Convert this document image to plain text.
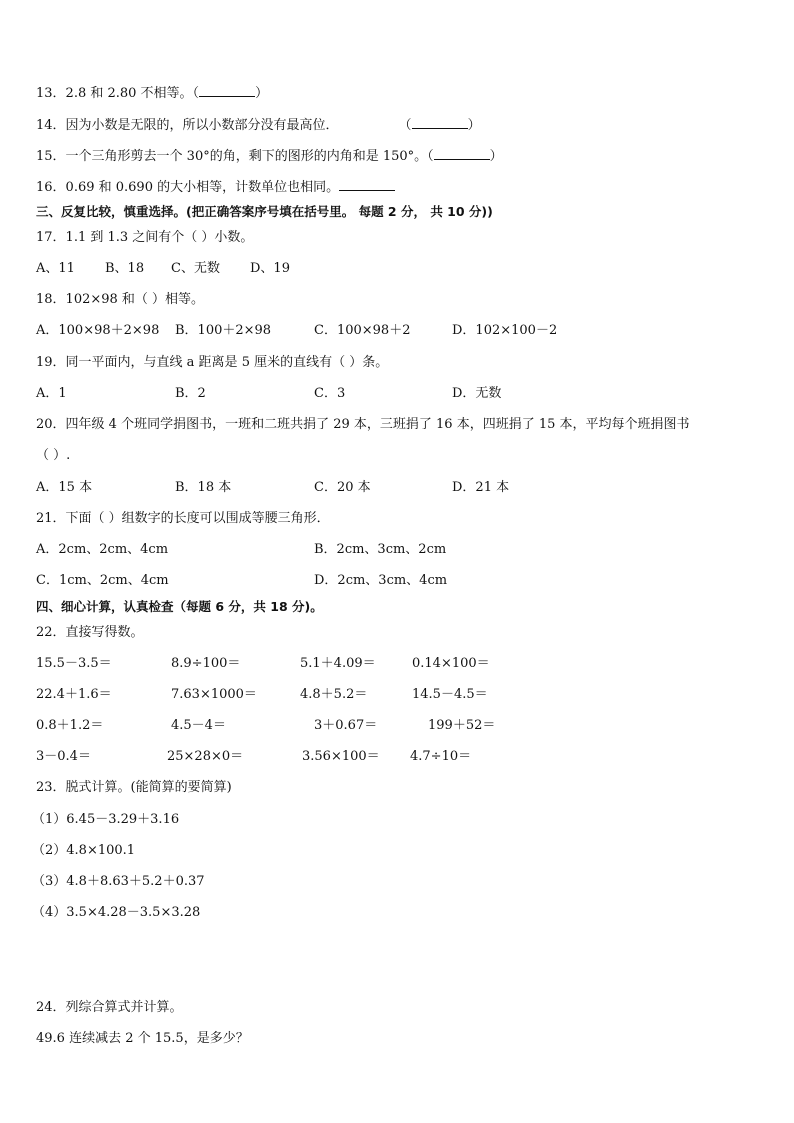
13．2.8 和 2.80 不相等。（	）
14．因为小数是无限的，所以小数部分没有最高位．	（	）
15．一个三角形剪去一个 30°的角，剩下的图形的内角和是 150°。（	）
16．0.69 和 0.690 的大小相等，计数单位也相同。
三、反复比较，慎重选择。(把正确答案序号填在括号里。 每题 2 分， 共 10 分))
17．1.1 到 1.3 之间有个（ ）小数。
A、11 B、18 C、无数 D、19
18．102×98 和（ ）相等。
A．100×98＋2×98 B．100＋2×98	C．100×98＋2	D．102×100－2
19．同一平面内，与直线 a 距离是 5 厘米的直线有（ ）条。
A．1	B．2	C．3	D．无数
20．四年级 4 个班同学捐图书，一班和二班共捐了 29 本，三班捐了 16 本，四班捐了 15 本，平均每个班捐图书
（ ）.
A．15 本	B．18 本	C．20 本	D．21 本
21．下面（ ）组数字的长度可以围成等腰三角形．
A．2cm、2cm、4cm	B．2cm、3cm、2cm
C．1cm、2cm、4cm	D．2cm、3cm、4cm
四、细心计算，认真检查（每题 6 分，共 18 分)。
22．直接写得数。
15.5－3.5＝	8.9÷100＝	5.1＋4.09＝	0.14×100＝
22.4＋1.6＝	7.63×1000＝	4.8＋5.2＝	14.5－4.5＝
0.8＋1.2＝	4.5－4＝	3＋0.67＝	199＋52＝
3－0.4＝	25×28×0＝	3.56×100＝ 4.7÷10＝
23．脱式计算。(能简算的要简算)
（1）6.45－3.29＋3.16
（2）4.8×100.1
（3）4.8＋8.63＋5.2＋0.37
（4）3.5×4.28－3.5×3.28
24．列综合算式并计算。
49.6 连续减去 2 个 15.5，是多少？
